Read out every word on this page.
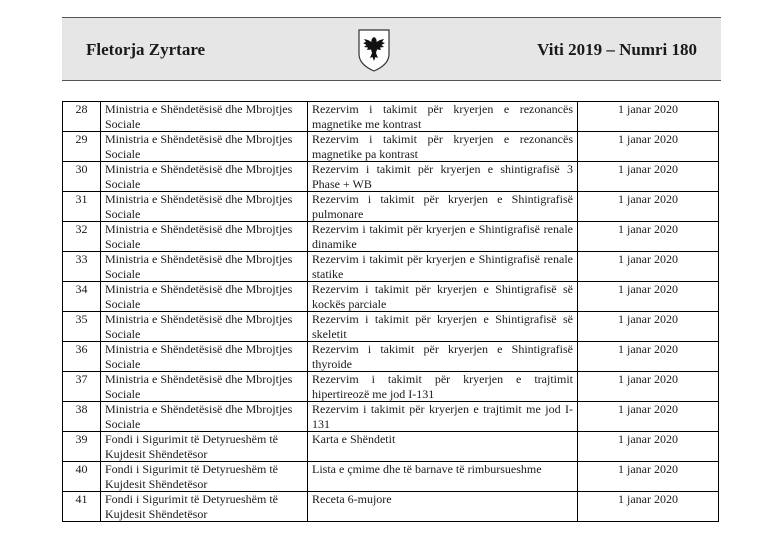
Fletorja Zyrtare	Viti 2019 – Numri 180
28	Ministria e Shëndetësisë dhe Mbrojtjes Sociale	Rezervim i takimit për kryerjen e rezonancës magnetike me kontrast	1 janar 2020
29	Ministria e Shëndetësisë dhe Mbrojtjes Sociale	Rezervim i takimit për kryerjen e rezonancës magnetike pa kontrast	1 janar 2020
30	Ministria e Shëndetësisë dhe Mbrojtjes Sociale	Rezervim i takimit për kryerjen e shintigrafisë 3 Phase + WB	1 janar 2020
31	Ministria e Shëndetësisë dhe Mbrojtjes Sociale	Rezervim i takimit për kryerjen e Shintigrafisë pulmonare	1 janar 2020
32	Ministria e Shëndetësisë dhe Mbrojtjes Sociale	Rezervim i takimit për kryerjen e Shintigrafisë renale dinamike	1 janar 2020
33	Ministria e Shëndetësisë dhe Mbrojtjes Sociale	Rezervim i takimit për kryerjen e Shintigrafisë renale statike	1 janar 2020
34	Ministria e Shëndetësisë dhe Mbrojtjes Sociale	Rezervim i takimit për kryerjen e Shintigrafisë së kockës parciale	1 janar 2020
35	Ministria e Shëndetësisë dhe Mbrojtjes Sociale	Rezervim i takimit për kryerjen e Shintigrafisë së skeletit	1 janar 2020
36	Ministria e Shëndetësisë dhe Mbrojtjes Sociale	Rezervim i takimit për kryerjen e Shintigrafisë thyroide	1 janar 2020
37	Ministria e Shëndetësisë dhe Mbrojtjes Sociale	Rezervim i takimit për kryerjen e trajtimit hipertireozë me jod I-131	1 janar 2020
38	Ministria e Shëndetësisë dhe Mbrojtjes Sociale	Rezervim i takimit për kryerjen e trajtimit me jod I-131	1 janar 2020
39	Fondi i Sigurimit të Detyrueshëm të Kujdesit Shëndetësor	Karta e Shëndetit	1 janar 2020
40	Fondi i Sigurimit të Detyrueshëm të Kujdesit Shëndetësor	Lista e çmime dhe të barnave të rimbursueshme	1 janar 2020
41	Fondi i Sigurimit të Detyrueshëm të Kujdesit Shëndetësor	Receta 6-mujore	1 janar 2020
